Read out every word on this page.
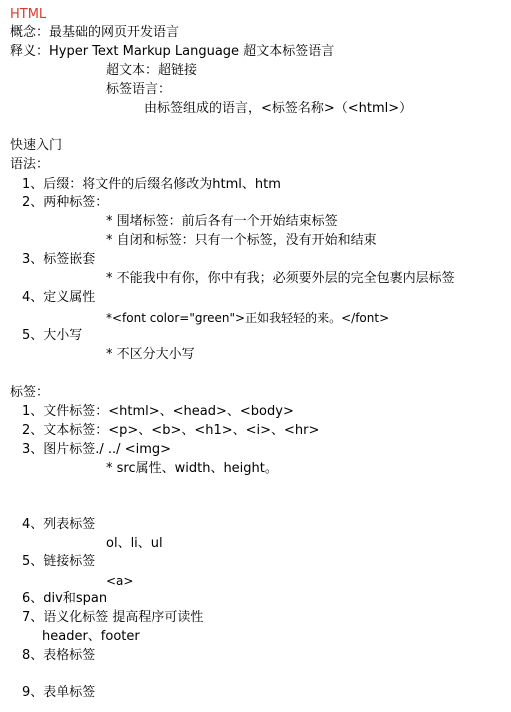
HTML
概念：最基础的网页开发语言
释义：Hyper Text Markup Language 超文本标签语言
超文本：超链接
标签语言：
由标签组成的语言，<标签名称>（<html>）
快速入门
语法：
1、后缀：将文件的后缀名修改为html、htm
2、两种标签：
* 围堵标签：前后各有一个开始结束标签
* 自闭和标签：只有一个标签，没有开始和结束
3、标签嵌套
* 不能我中有你，你中有我；必须要外层的完全包裹内层标签
4、定义属性
*<font color="green">正如我轻轻的来。</font>
5、大小写
* 不区分大小写
标签：
1、文件标签：<html>、<head>、<body>
2、文本标签：<p>、<b>、<h1>、<i>、<hr>
3、图片标签./ ../ <img>
* src属性、width、height。
4、列表标签
ol、li、ul
5、链接标签
<a>
6、div和span
7、语义化标签 提高程序可读性
header、footer
8、表格标签
9、表单标签
